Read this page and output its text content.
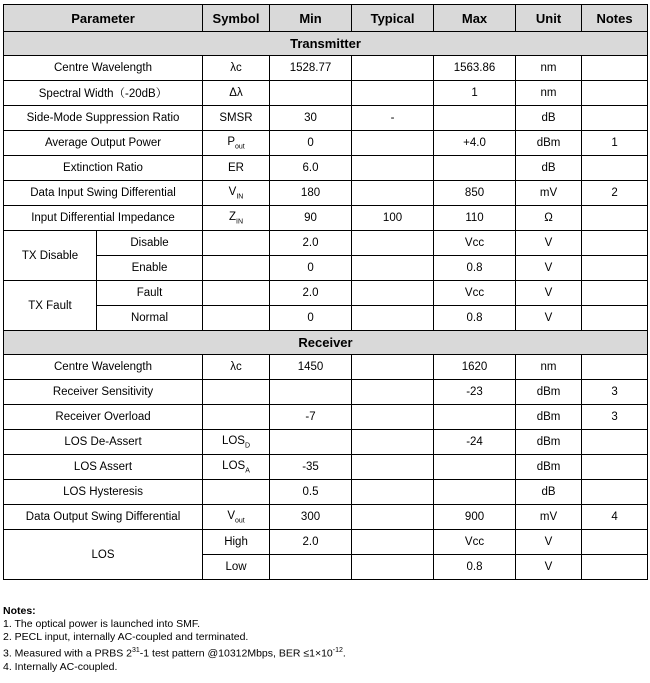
Parameter		Symbol	Min	Typical	Max	Unit	Notes
Transmitter							
Centre Wavelength		λc	1528.77		1563.86	nm	
Spectral Width（-20dB）		Δλ			1	nm	
Side-Mode Suppression Ratio		SMSR	30	-		dB	
Average Output Power		$P_{out}$	0		+4.0	dBm	1
Extinction Ratio		ER	6.0			dB	
Data Input Swing Differential		$V_{IN}$	180		850	mV	2
Input Differential Impedance		$Z_{IN}$	90	100	110	Ω	
TX Disable	Disable		2.0		Vcc	V	
	Enable		0		0.8	V	
TX Fault	Fault		2.0		Vcc	V	
	Normal		0		0.8	V	
Receiver							
Centre Wavelength		λc	1450		1620	nm	
Receiver Sensitivity					-23	dBm	3
Receiver Overload			-7			dBm	3
LOS De-Assert		$LOS_D$			-24	dBm	
LOS Assert		$LOS_A$	-35			dBm	
LOS Hysteresis			0.5			dB	
Data Output Swing Differential		$V_{out}$	300		900	mV	4
LOS		High	2.0		Vcc	V	
		Low			0.8	V	
Notes:
1. The optical power is launched into SMF.
2. PECL input, internally AC-coupled and terminated.
3. Measured with a PRBS $2^{31}-1$ test pattern @10312Mbps, BER $\le 1\times 10^{-12}$.
4. Internally AC-coupled.
